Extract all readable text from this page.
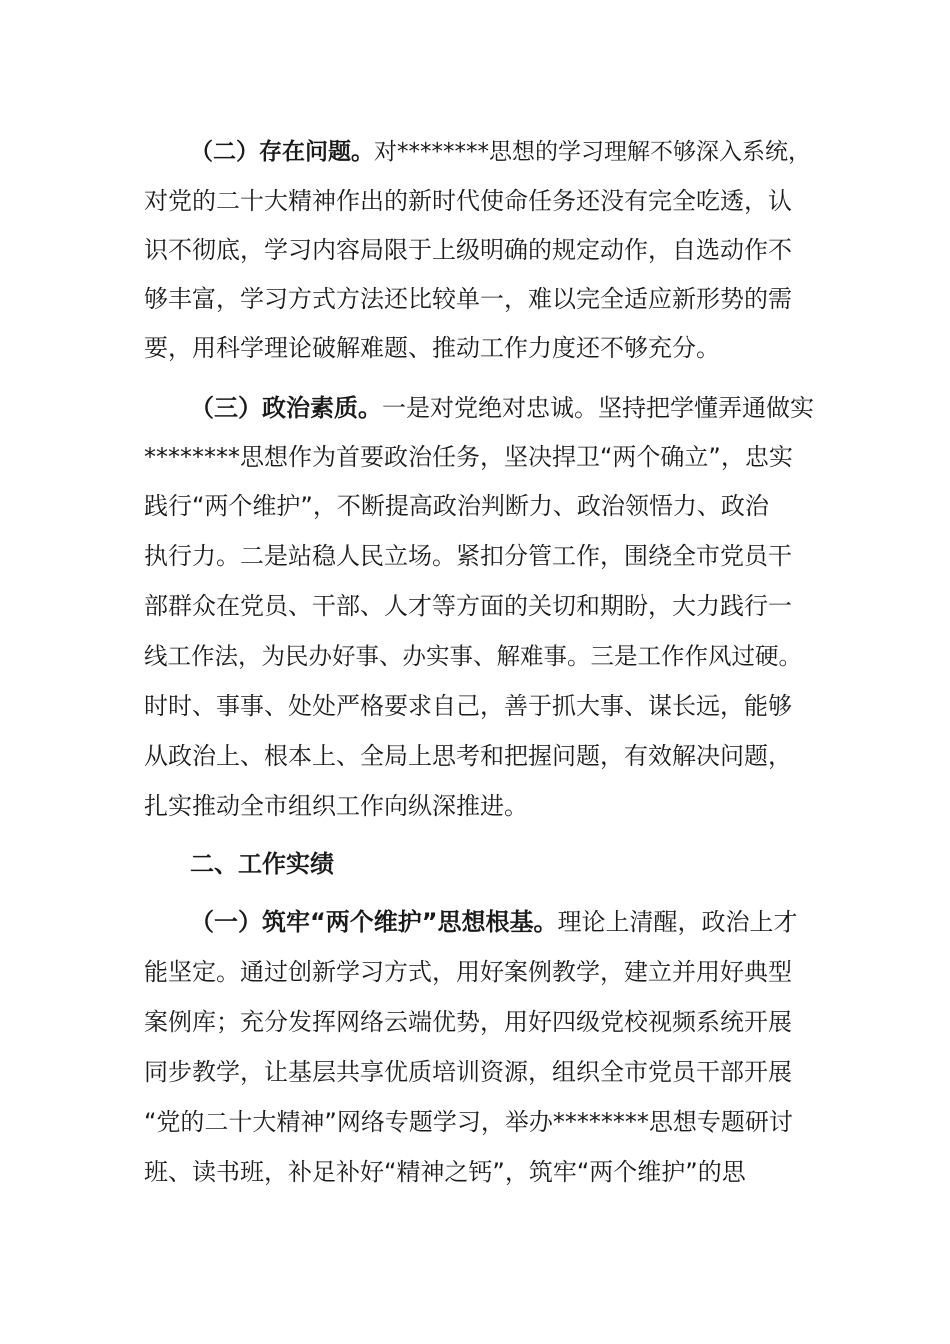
（二）存在问题。对********思想的学习理解不够深入系统，
对党的二十大精神作出的新时代使命任务还没有完全吃透，认
识不彻底，学习内容局限于上级明确的规定动作，自选动作不
够丰富，学习方式方法还比较单一，难以完全适应新形势的需
要，用科学理论破解难题、推动工作力度还不够充分。
（三）政治素质。一是对党绝对忠诚。坚持把学懂弄通做实
********思想作为首要政治任务，坚决捍卫“两个确立”，忠实
践行“两个维护”，不断提高政治判断力、政治领悟力、政治
执行力。二是站稳人民立场。紧扣分管工作，围绕全市党员干
部群众在党员、干部、人才等方面的关切和期盼，大力践行一
线工作法，为民办好事、办实事、解难事。三是工作作风过硬。
时时、事事、处处严格要求自己，善于抓大事、谋长远，能够
从政治上、根本上、全局上思考和把握问题，有效解决问题，
扎实推动全市组织工作向纵深推进。
二、工作实绩
（一）筑牢“两个维护”思想根基。理论上清醒，政治上才
能坚定。通过创新学习方式，用好案例教学，建立并用好典型
案例库；充分发挥网络云端优势，用好四级党校视频系统开展
同步教学，让基层共享优质培训资源，组织全市党员干部开展
“党的二十大精神”网络专题学习，举办********思想专题研讨
班、读书班，补足补好“精神之钙”，筑牢“两个维护”的思
